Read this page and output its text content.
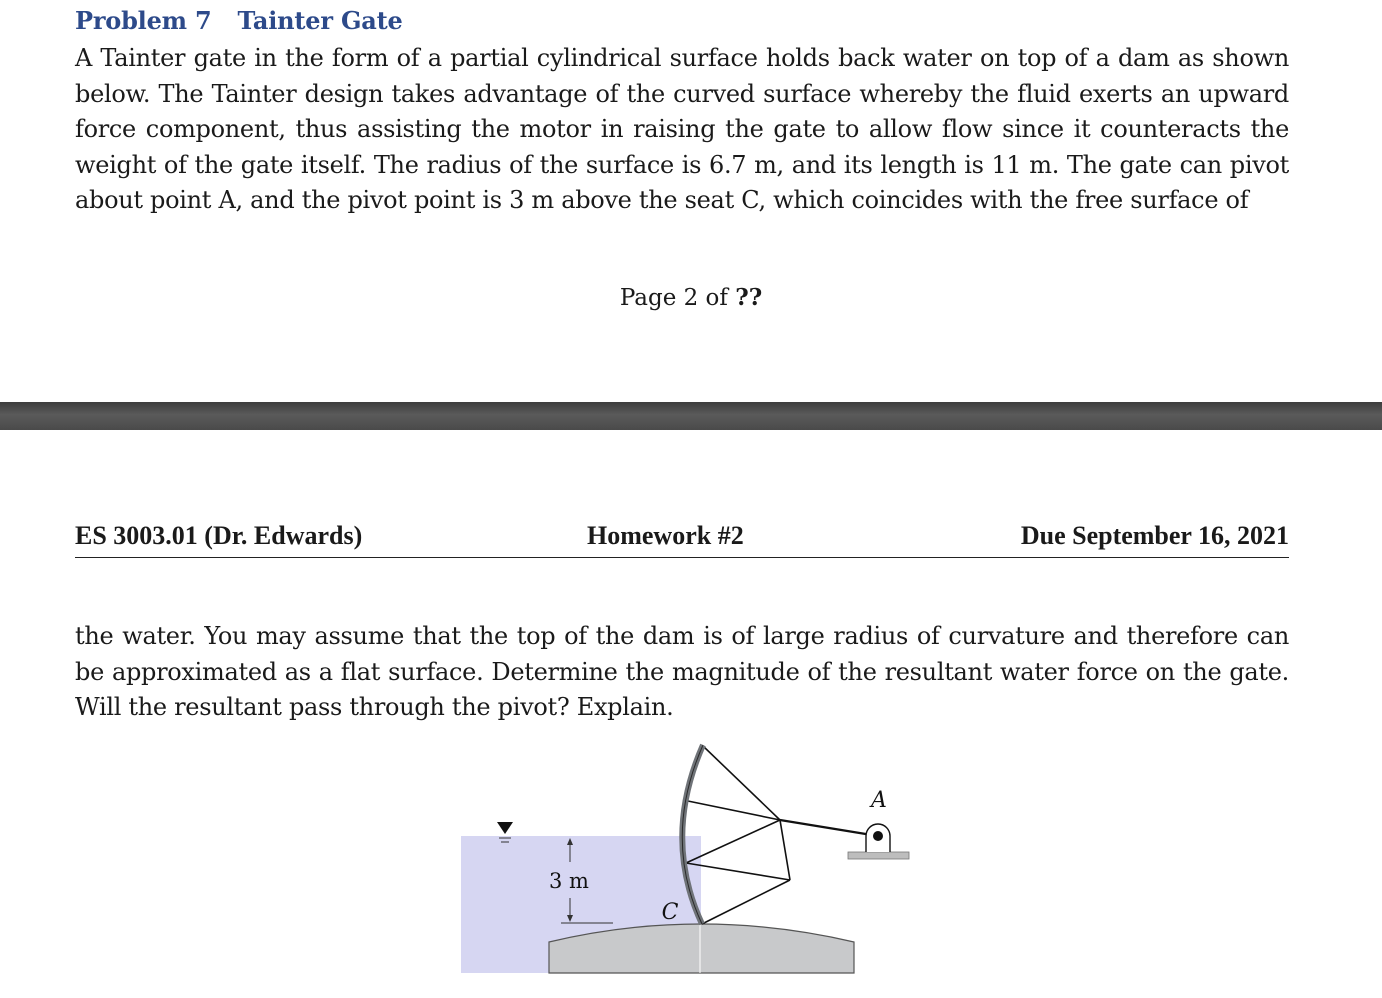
Problem 7 Tainter Gate

A Tainter gate in the form of a partial cylindrical surface holds back water on top of a dam as shown below. The Tainter design takes advantage of the curved surface whereby the fluid exerts an upward force component, thus assisting the motor in raising the gate to allow flow since it counteracts the weight of the gate itself. The radius of the surface is 6.7 m, and its length is 11 m. The gate can pivot about point A, and the pivot point is 3 m above the seat C, which coincides with the free surface of

Page 2 of ??
ES 3003.01 (Dr. Edwards)	Homework #2	Due September 16, 2021

the water. You may assume that the top of the dam is of large radius of curvature and therefore can be approximated as a flat surface. Determine the magnitude of the resultant water force on the gate. Will the resultant pass through the pivot? Explain.

3 m
A
C
